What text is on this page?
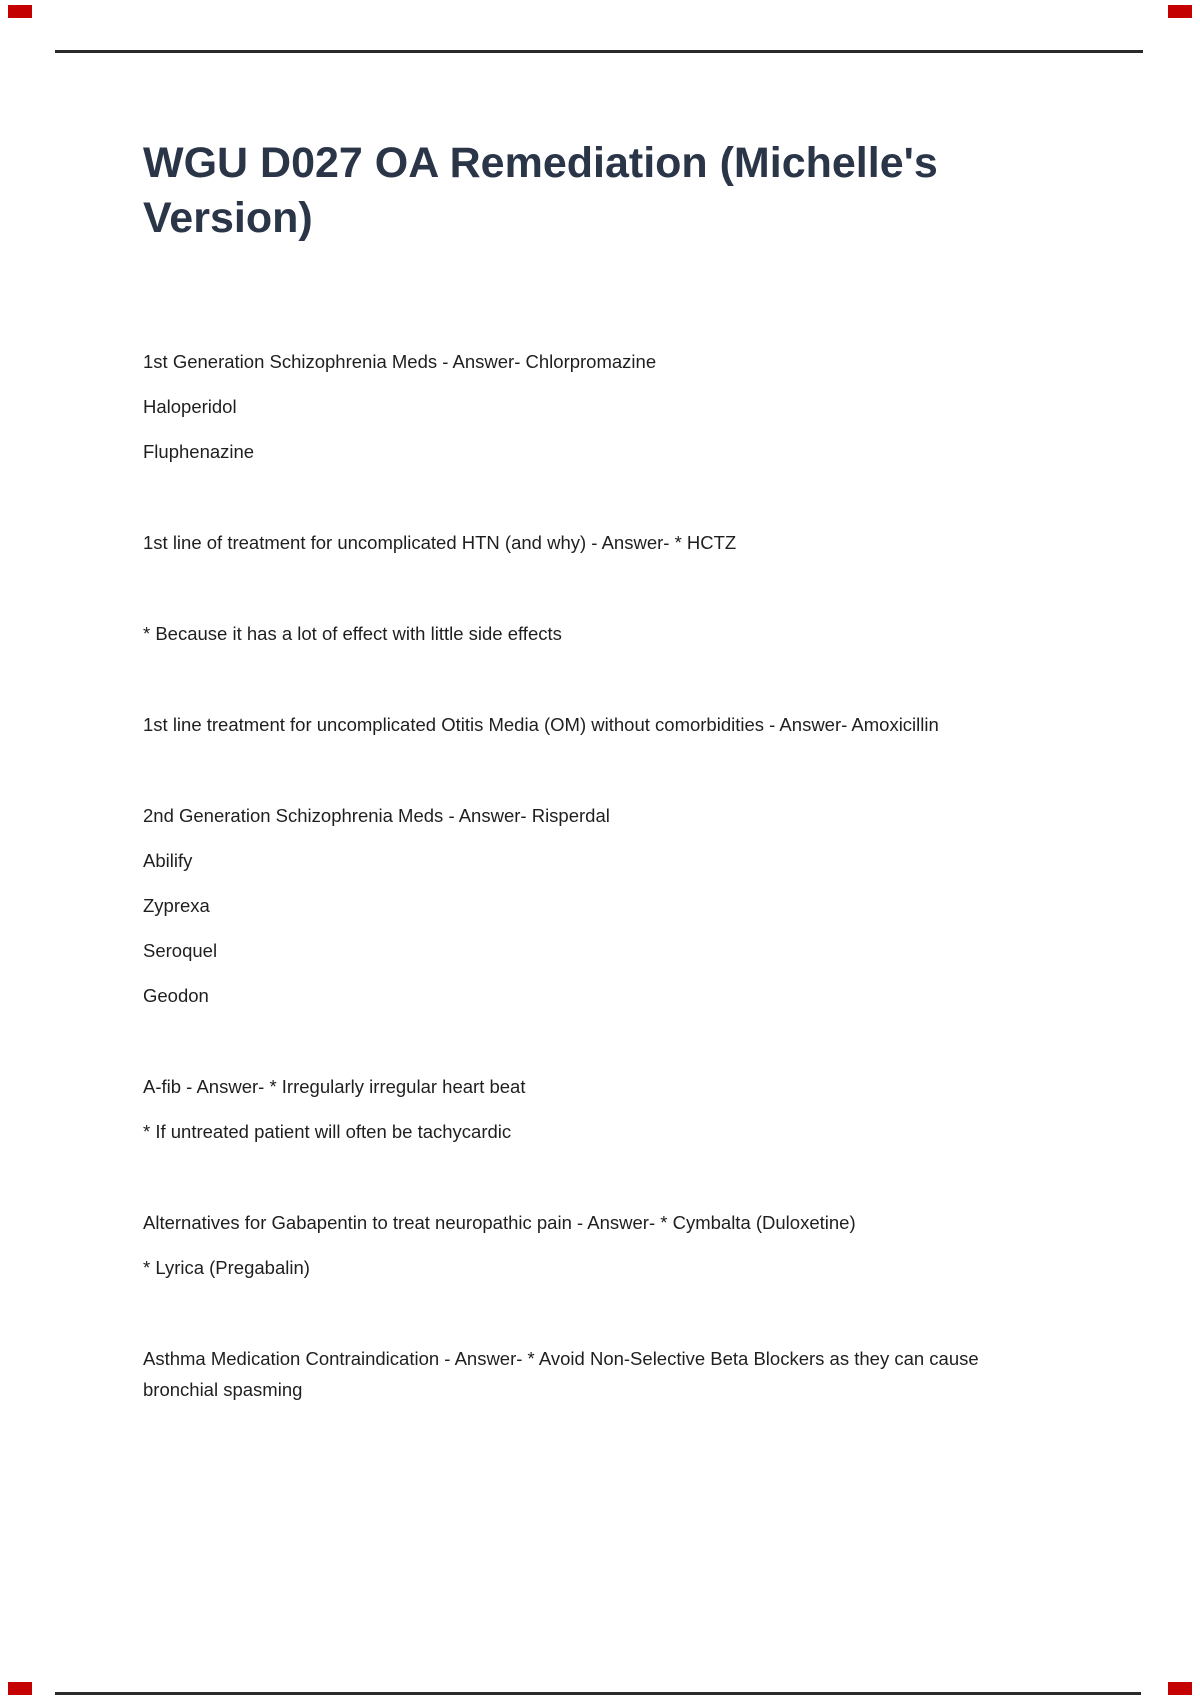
WGU D027 OA Remediation (Michelle's Version)

1st Generation Schizophrenia Meds - Answer- Chlorpromazine

Haloperidol

Fluphenazine

1st line of treatment for uncomplicated HTN (and why) - Answer- * HCTZ

* Because it has a lot of effect with little side effects

1st line treatment for uncomplicated Otitis Media (OM) without comorbidities - Answer- Amoxicillin

2nd Generation Schizophrenia Meds - Answer- Risperdal

Abilify

Zyprexa

Seroquel

Geodon

A-fib - Answer- * Irregularly irregular heart beat

* If untreated patient will often be tachycardic

Alternatives for Gabapentin to treat neuropathic pain - Answer- * Cymbalta (Duloxetine)

* Lyrica (Pregabalin)

Asthma Medication Contraindication - Answer- * Avoid Non-Selective Beta Blockers as they can cause
bronchial spasming
